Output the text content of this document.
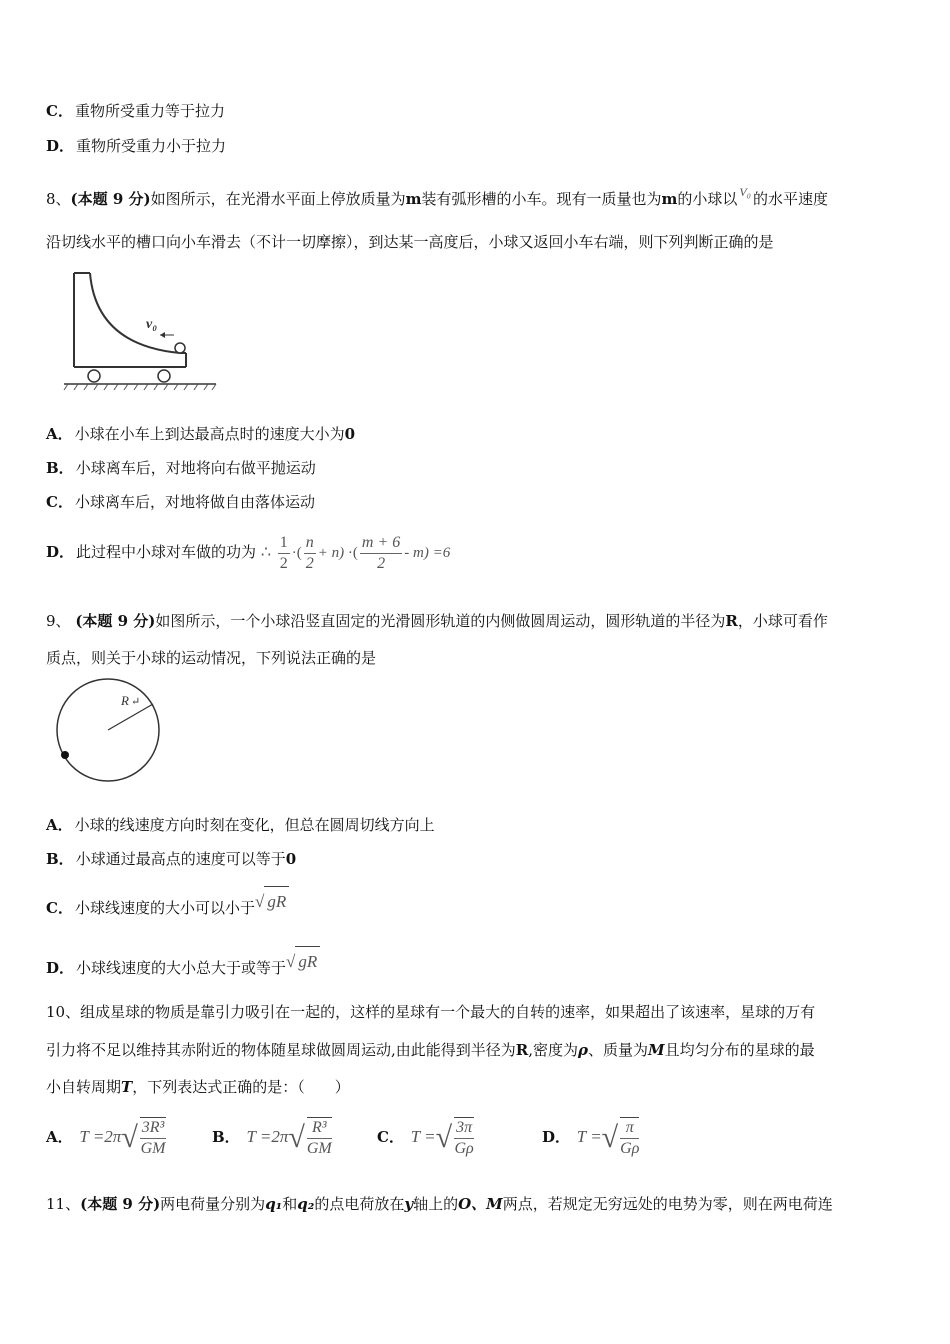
C． 重物所受重力等于拉力
D． 重物所受重力小于拉力
8、(本题 9 分)如图所示，在光滑水平面上停放质量为m装有弧形槽的小车。现有一质量也为m的小球以 $^{V_0}$ 的水平速度
沿切线水平的槽口向小车滑去（不计一切摩擦），到达某一高度后，小球又返回小车右端，则下列判断正确的是
v₀
A． 小球在小车上到达最高点时的速度大小为0
B． 小球离车后，对地将向右做平抛运动
C． 小球离车后，对地将做自由落体运动
D． 此过程中小球对车做的功为 ∴ $\frac{1}{2}$ ·( $\frac{n}{2} + n$) ·( $\frac{m + 6}{2} - m) =6$
9、 (本题 9 分)如图所示，一个小球沿竖直固定的光滑圆形轨道的内侧做圆周运动，圆形轨道的半径为R，小球可看作
质点，则关于小球的运动情况，下列说法正确的是
R ↵
A． 小球的线速度方向时刻在变化，但总在圆周切线方向上
B． 小球通过最高点的速度可以等于0
C． 小球线速度的大小可以小于√ gR
D． 小球线速度的大小总大于或等于√ gR
10、组成星球的物质是靠引力吸引在一起的，这样的星球有一个最大的自转的速率，如果超出了该速率，星球的万有
引力将不足以维持其赤附近的物体随星球做圆周运动,由此能得到半径为R,密度为ρ、质量为M且均匀分布的星球的最
小自转周期T，下列表达式正确的是：（　　）
A． $T =2\pi√ \frac{\text{3R³}}{GM}$	B． $T =2\pi√ \frac{\text{R³}}{GM}$	C． T =√ $\frac{3\pi}{G\rho}$	D． T =√ $\frac{\pi}{G\rho}$
11、(本题 9 分)两电荷量分别为q₁和q₂的点电荷放在y轴上的O、M两点，若规定无穷远处的电势为零，则在两电荷连
